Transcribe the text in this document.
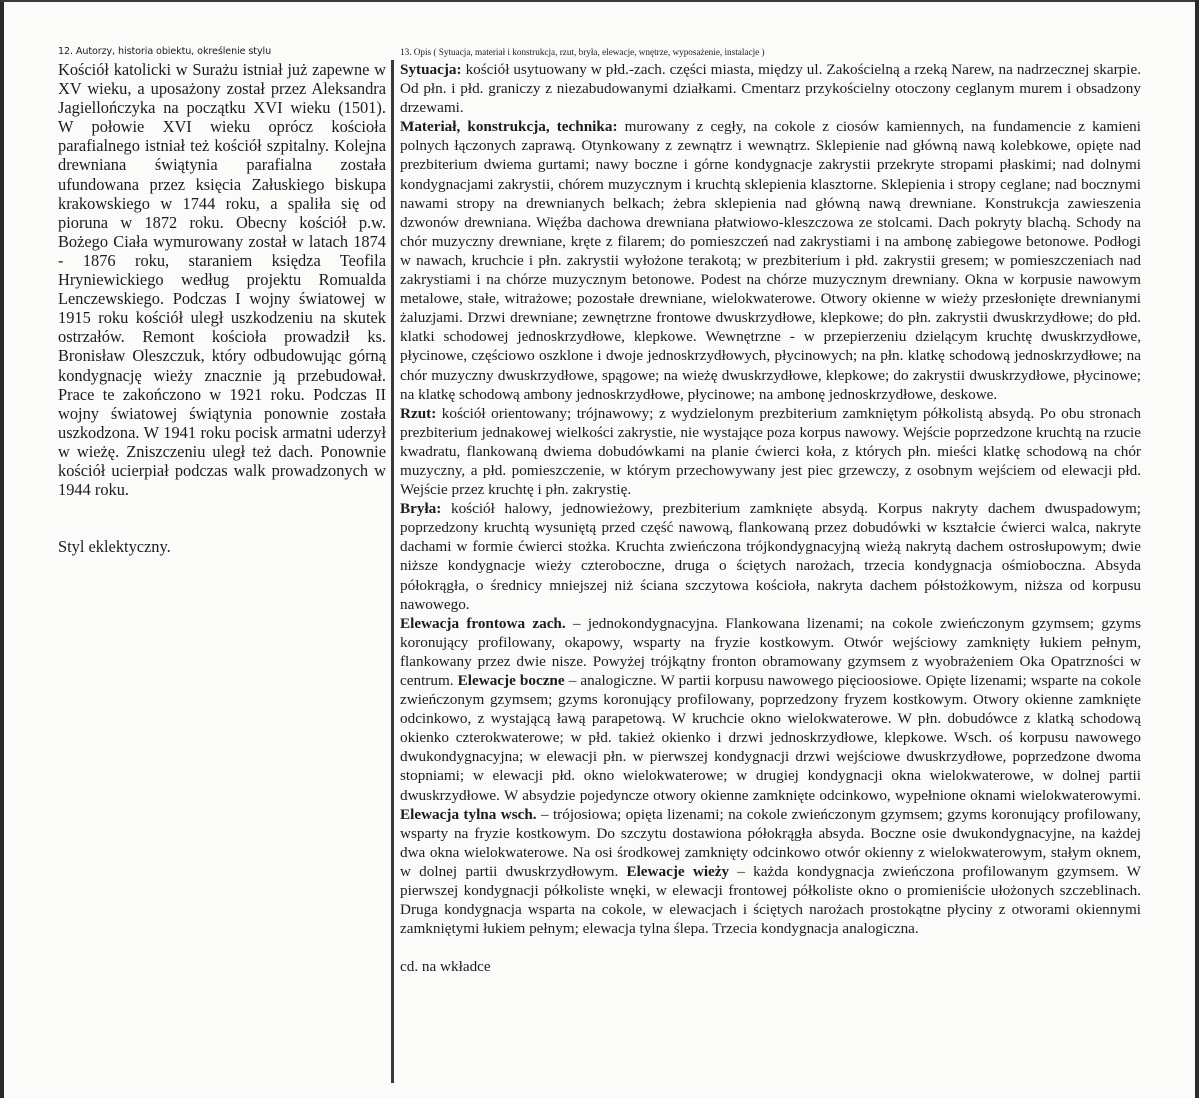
12. Autorzy, historia obiektu, określenie stylu

Kościół katolicki w Surażu istniał już zapewne w XV wieku, a uposażony został przez Aleksandra Jagiellończyka na początku XVI wieku (1501). W połowie XVI wieku oprócz kościoła parafialnego istniał też kościół szpitalny. Kolejna drewniana świątynia parafialna została ufundowana przez księcia Załuskiego biskupa krakowskiego w 1744 roku, a spaliła się od pioruna w 1872 roku. Obecny kościół p.w. Bożego Ciała wymurowany został w latach 1874 - 1876 roku, staraniem księdza Teofila Hryniewickiego według projektu Romualda Lenczewskiego. Podczas I wojny światowej w 1915 roku kościół uległ uszkodzeniu na skutek ostrzałów. Remont kościoła prowadził ks. Bronisław Oleszczuk, który odbudowując górną kondygnację wieży znacznie ją przebudował. Prace te zakończono w 1921 roku. Podczas II wojny światowej świątynia ponownie została uszkodzona. W 1941 roku pocisk armatni uderzył w wieżę. Zniszczeniu uległ też dach. Ponownie kościół ucierpiał podczas walk prowadzonych w 1944 roku.

Styl eklektyczny.

13. Opis ( Sytuacja, materiał i konstrukcja, rzut, bryła, elewacje, wnętrze, wyposażenie, instalacje )

Sytuacja: kościół usytuowany w płd.-zach. części miasta, między ul. Zakościelną a rzeką Narew, na nadrzecznej skarpie. Od płn. i płd. graniczy z niezabudowanymi działkami. Cmentarz przykościelny otoczony ceglanym murem i obsadzony drzewami.

Materiał, konstrukcja, technika: murowany z cegły, na cokole z ciosów kamiennych, na fundamencie z kamieni polnych łączonych zaprawą. Otynkowany z zewnątrz i wewnątrz. Sklepienie nad główną nawą kolebkowe, opięte nad prezbiterium dwiema gurtami; nawy boczne i górne kondygnacje zakrystii przekryte stropami płaskimi; nad dolnymi kondygnacjami zakrystii, chórem muzycznym i kruchtą sklepienia klasztorne. Sklepienia i stropy ceglane; nad bocznymi nawami stropy na drewnianych belkach; żebra sklepienia nad główną nawą drewniane. Konstrukcja zawieszenia dzwonów drewniana. Więźba dachowa drewniana płatwiowo-kleszczowa ze stolcami. Dach pokryty blachą. Schody na chór muzyczny drewniane, kręte z filarem; do pomieszczeń nad zakrystiami i na ambonę zabiegowe betonowe. Podłogi w nawach, kruchcie i płn. zakrystii wyłożone terakotą; w prezbiterium i płd. zakrystii gresem; w pomieszczeniach nad zakrystiami i na chórze muzycznym betonowe. Podest na chórze muzycznym drewniany. Okna w korpusie nawowym metalowe, stałe, witrażowe; pozostałe drewniane, wielokwaterowe. Otwory okienne w wieży przesłonięte drewnianymi żaluzjami. Drzwi drewniane; zewnętrzne frontowe dwuskrzydłowe, klepkowe; do płn. zakrystii dwuskrzydłowe; do płd. klatki schodowej jednoskrzydłowe, klepkowe. Wewnętrzne - w przepierzeniu dzielącym kruchtę dwuskrzydłowe, płycinowe, częściowo oszklone i dwoje jednoskrzydłowych, płycinowych; na płn. klatkę schodową jednoskrzydłowe; na chór muzyczny dwuskrzydłowe, spągowe; na wieżę dwuskrzydłowe, klepkowe; do zakrystii dwuskrzydłowe, płycinowe; na klatkę schodową ambony jednoskrzydłowe, płycinowe; na ambonę jednoskrzydłowe, deskowe.

Rzut: kościół orientowany; trójnawowy; z wydzielonym prezbiterium zamkniętym półkolistą absydą. Po obu stronach prezbiterium jednakowej wielkości zakrystie, nie wystające poza korpus nawowy. Wejście poprzedzone kruchtą na rzucie kwadratu, flankowaną dwiema dobudówkami na planie ćwierci koła, z których płn. mieści klatkę schodową na chór muzyczny, a płd. pomieszczenie, w którym przechowywany jest piec grzewczy, z osobnym wejściem od elewacji płd. Wejście przez kruchtę i płn. zakrystię.

Bryła: kościół halowy, jednowieżowy, prezbiterium zamknięte absydą. Korpus nakryty dachem dwuspadowym; poprzedzony kruchtą wysuniętą przed część nawową, flankowaną przez dobudówki w kształcie ćwierci walca, nakryte dachami w formie ćwierci stożka. Kruchta zwieńczona trójkondygnacyjną wieżą nakrytą dachem ostrosłupowym; dwie niższe kondygnacje wieży czteroboczne, druga o ściętych narożach, trzecia kondygnacja ośmioboczna. Absyda półokrągła, o średnicy mniejszej niż ściana szczytowa kościoła, nakryta dachem półstożkowym, niższa od korpusu nawowego.

Elewacja frontowa zach. – jednokondygnacyjna. Flankowana lizenami; na cokole zwieńczonym gzymsem; gzyms koronujący profilowany, okapowy, wsparty na fryzie kostkowym. Otwór wejściowy zamknięty łukiem pełnym, flankowany przez dwie nisze. Powyżej trójkątny fronton obramowany gzymsem z wyobrażeniem Oka Opatrzności w centrum. Elewacje boczne – analogiczne. W partii korpusu nawowego pięcioosiowe. Opięte lizenami; wsparte na cokole zwieńczonym gzymsem; gzyms koronujący profilowany, poprzedzony fryzem kostkowym. Otwory okienne zamknięte odcinkowo, z wystającą ławą parapetową. W kruchcie okno wielokwaterowe. W płn. dobudówce z klatką schodową okienko czterokwaterowe; w płd. takież okienko i drzwi jednoskrzydłowe, klepkowe. Wsch. oś korpusu nawowego dwukondygnacyjna; w elewacji płn. w pierwszej kondygnacji drzwi wejściowe dwuskrzydłowe, poprzedzone dwoma stopniami; w elewacji płd. okno wielokwaterowe; w drugiej kondygnacji okna wielokwaterowe, w dolnej partii dwuskrzydłowe. W absydzie pojedyncze otwory okienne zamknięte odcinkowo, wypełnione oknami wielokwaterowymi. Elewacja tylna wsch. – trójosiowa; opięta lizenami; na cokole zwieńczonym gzymsem; gzyms koronujący profilowany, wsparty na fryzie kostkowym. Do szczytu dostawiona półokrągła absyda. Boczne osie dwukondygnacyjne, na każdej dwa okna wielokwaterowe. Na osi środkowej zamknięty odcinkowo otwór okienny z wielokwaterowym, stałym oknem, w dolnej partii dwuskrzydłowym. Elewacje wieży – każda kondygnacja zwieńczona profilowanym gzymsem. W pierwszej kondygnacji półkoliste wnęki, w elewacji frontowej półkoliste okno o promieniście ułożonych szczeblinach. Druga kondygnacja wsparta na cokole, w elewacjach i ściętych narożach prostokątne płyciny z otworami okiennymi zamkniętymi łukiem pełnym; elewacja tylna ślepa. Trzecia kondygnacja analogiczna.

cd. na wkładce
